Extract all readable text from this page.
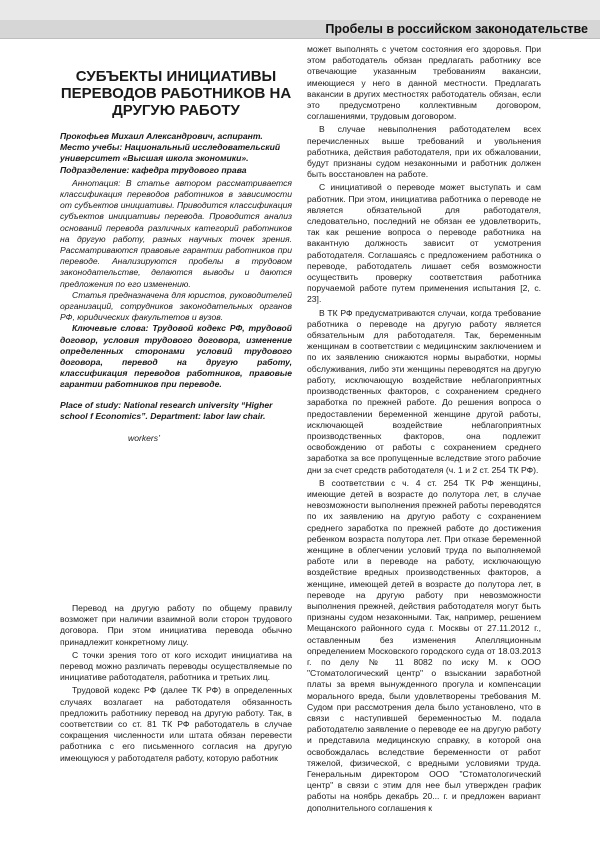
Пробелы в российском законодательстве
СУБЪЕКТЫ ИНИЦИАТИВЫ ПЕРЕВОДОВ РАБОТНИКОВ НА ДРУГУЮ РАБОТУ

Прокофьев Михаил Александрович, аспирант. Место учебы: Национальный исследовательский университет «Высшая школа экономики». Подразделение: кафедра трудового права

Аннотация: В статье автором рассматривается классификация переводов работников в зависимости от субъектов инициативы. Приводится классификация субъектов инициативы перевода. Проводится анализ оснований перевода различных категорий работников на другую работу, разных научных точек зрения. Рассматриваются правовые гарантии работников при переводе. Анализируются пробелы в трудовом законодательстве, делаются выводы и даются предложения по его изменению.

Статья предназначена для юристов, руководителей организаций, сотрудников законодательных органов РФ, юридических факультетов и вузов.

Ключевые слова: Трудовой кодекс РФ, трудовой договор, условия трудового договора, изменение определенных сторонами условий трудового договора, перевод на другую работу, классификация переводов работников, правовые гарантии работников при переводе.

Place of study: National research university “Higher school f Economics”. Department: labor law chair.

workers’

Перевод на другую работу по общему правилу возможет при наличии взаимной воли сторон трудового договора. При этом инициатива перевода обычно принадлежит конкретному лицу.

С точки зрения того от кого исходит инициатива на перевод можно различать переводы осуществляемые по инициативе работодателя, работника и третьих лиц.

Трудовой кодекс РФ (далее ТК РФ) в определенных случаях возлагает на работодателя обязанность предложить работнику перевод на другую работу. Так, в соответствии со ст. 81 ТК РФ работодатель в случае сокращения численности или штата обязан перевести работника с его письменного согласия на другую имеющуюся у работодателя работу, которую работник

может выполнять с учетом состояния его здоровья. При этом работодатель обязан предлагать работнику все отвечающие указанным требованиям вакансии, имеющиеся у него в данной местности. Предлагать вакансии в других местностях работодатель обязан, если это предусмотрено коллективным договором, соглашениями, трудовым договором.

В случае невыполнения работодателем всех перечисленных выше требований и увольнения работника, действия работодателя, при их обжаловании, будут признаны судом незаконными и работник должен быть восстановлен на работе.

С инициативой о переводе может выступать и сам работник. При этом, инициатива работника о переводе не является обязательной для работодателя, следовательно, последний не обязан ее удовлетворить, так как решение вопроса о переводе работника на вакантную должность зависит от усмотрения работодателя. Соглашаясь с предложением работника о переводе, работодатель лишает себя возможности осуществить проверку соответствия работника поручаемой работе путем применения испытания [2, с. 23].

В ТК РФ предусматриваются случаи, когда требование работника о переводе на другую работу является обязательным для работодателя. Так, беременным женщинам в соответствии с медицинским заключением и по их заявлению снижаются нормы выработки, нормы обслуживания, либо эти женщины переводятся на другую работу, исключающую воздействие неблагоприятных производственных факторов, с сохранением среднего заработка по прежней работе. До решения вопроса о предоставлении беременной женщине другой работы, исключающей воздействие неблагоприятных производственных факторов, она подлежит освобождению от работы с сохранением среднего заработка за все пропущенные вследствие этого рабочие дни за счет средств работодателя (ч. 1 и 2 ст. 254 ТК РФ).

В соответствии с ч. 4 ст. 254 ТК РФ женщины, имеющие детей в возрасте до полутора лет, в случае невозможности выполнения прежней работы переводятся по их заявлению на другую работу с сохранением среднего заработка по прежней работе до достижения ребенком возраста полутора лет. При отказе беременной женщине в облегчении условий труда по выполняемой работе или в переводе на работу, исключающую воздействие вредных производственных факторов, а женщине, имеющей детей в возрасте до полутора лет, в переводе на другую работу при невозможности выполнения прежней, действия работодателя могут быть признаны судом незаконными. Так, например, решением Мещанского районного суда г. Москвы от 27.11.2012 г., оставленным без изменения Апелляционным определением Московского городского суда от 18.03.2013 г. по делу № 11 8082 по иску М. к ООО "Стоматологический центр" о взыскании заработной платы за время вынужденного прогула и компенсации морального вреда, были удовлетворены требования М. Судом при рассмотрения дела было установлено, что в связи с наступившей беременностью М. подала работодателю заявление о переводе ее на другую работу и представила медицинскую справку, в которой она освобождалась вследствие беременности от работ тяжелой, физической, с вредными условиями труда. Генеральным директором ООО "Стоматологический центр" в связи с этим для нее был утвержден график работы на ноябрь декабрь 20... г. и предложен вариант дополнительного соглашения к
